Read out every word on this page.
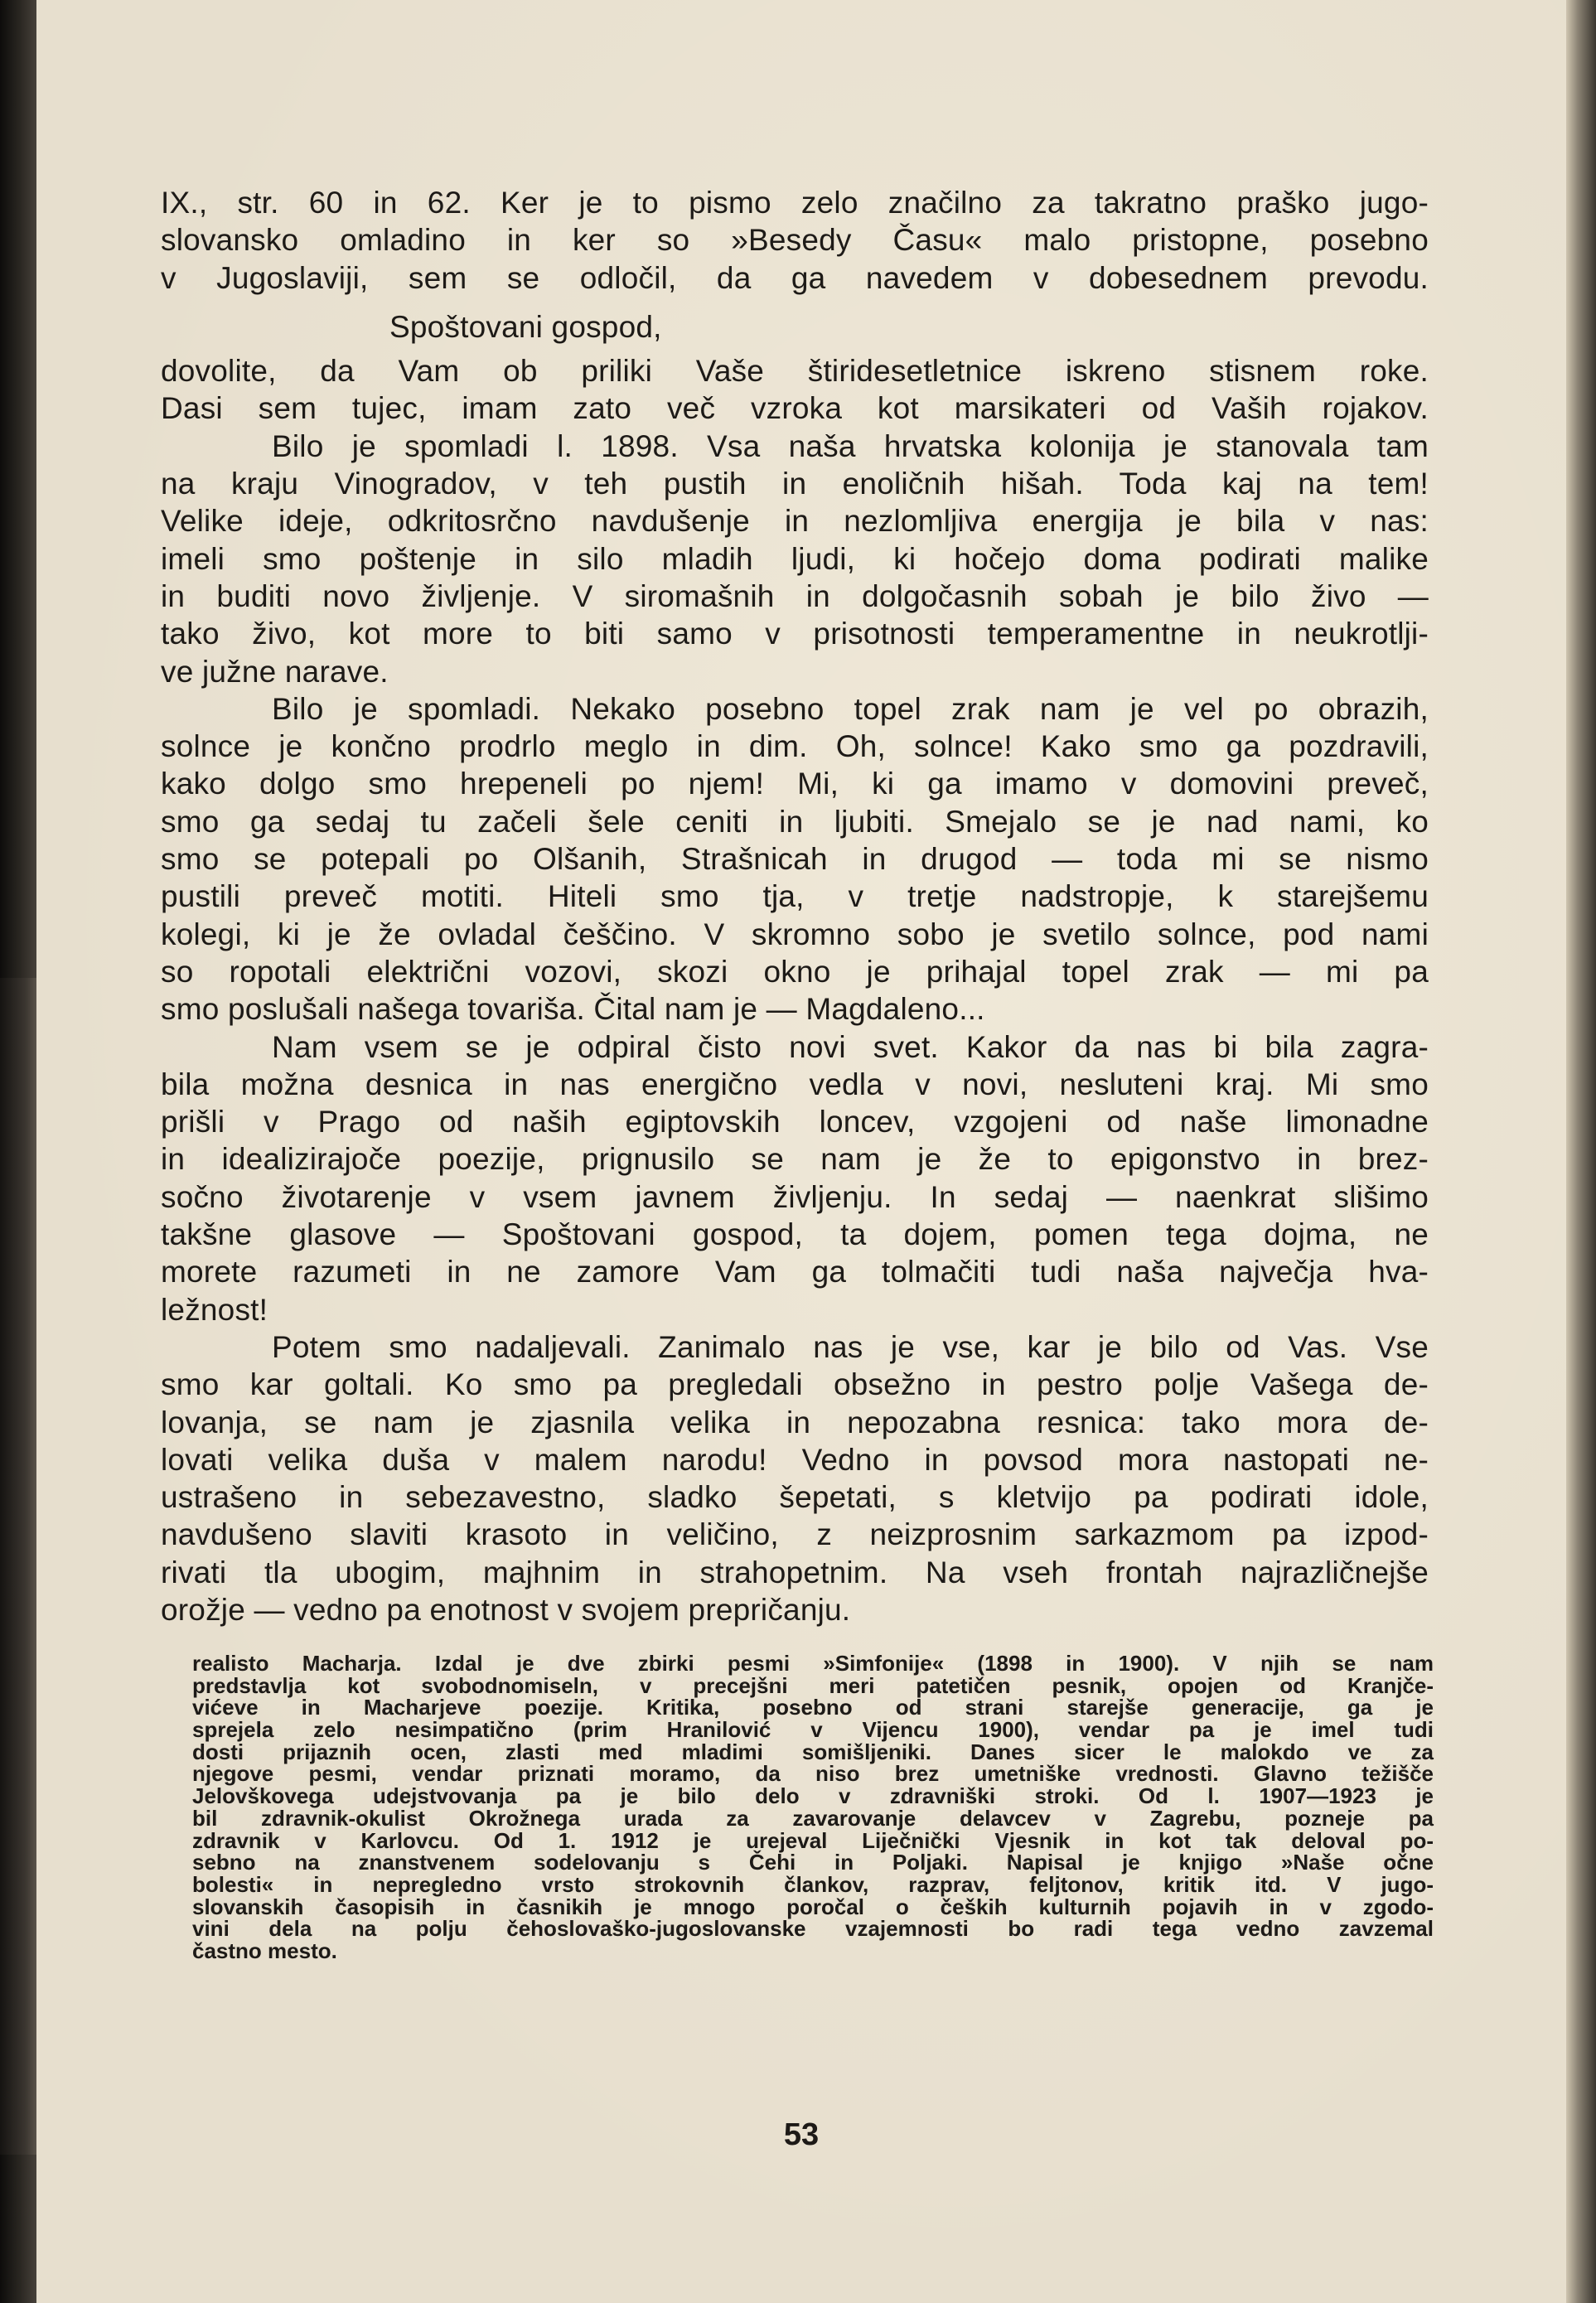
IX., str. 60 in 62. Ker je to pismo zelo značilno za takratno praško jugo-
slovansko omladino in ker so »Besedy Času« malo pristopne, posebno
v Jugoslaviji, sem se odločil, da ga navedem v dobesednem prevodu.
Spoštovani gospod,
dovolite, da Vam ob priliki Vaše štiridesetletnice iskreno stisnem roke.
Dasi sem tujec, imam zato več vzroka kot marsikateri od Vaših rojakov.
Bilo je spomladi l. 1898. Vsa naša hrvatska kolonija je stanovala tam
na kraju Vinogradov, v teh pustih in enoličnih hišah. Toda kaj na tem!
Velike ideje, odkritosrčno navdušenje in nezlomljiva energija je bila v nas:
imeli smo poštenje in silo mladih ljudi, ki hočejo doma podirati malike
in buditi novo življenje. V siromašnih in dolgočasnih sobah je bilo živo —
tako živo, kot more to biti samo v prisotnosti temperamentne in neukrotlji-
ve južne narave.
Bilo je spomladi. Nekako posebno topel zrak nam je vel po obrazih,
solnce je končno prodrlo meglo in dim. Oh, solnce! Kako smo ga pozdravili,
kako dolgo smo hrepeneli po njem! Mi, ki ga imamo v domovini preveč,
smo ga sedaj tu začeli šele ceniti in ljubiti. Smejalo se je nad nami, ko
smo se potepali po Olšanih, Strašnicah in drugod — toda mi se nismo
pustili preveč motiti. Hiteli smo tja, v tretje nadstropje, k starejšemu
kolegi, ki je že ovladal češčino. V skromno sobo je svetilo solnce, pod nami
so ropotali električni vozovi, skozi okno je prihajal topel zrak — mi pa
smo poslušali našega tovariša. Čital nam je — Magdaleno...
Nam vsem se je odpiral čisto novi svet. Kakor da nas bi bila zagra-
bila možna desnica in nas energično vedla v novi, nesluteni kraj. Mi smo
prišli v Prago od naših egiptovskih loncev, vzgojeni od naše limonadne
in idealizirajoče poezije, prignusilo se nam je že to epigonstvo in brez-
sočno životarenje v vsem javnem življenju. In sedaj — naenkrat slišimo
takšne glasove — Spoštovani gospod, ta dojem, pomen tega dojma, ne
morete razumeti in ne zamore Vam ga tolmačiti tudi naša največja hva-
ležnost!
Potem smo nadaljevali. Zanimalo nas je vse, kar je bilo od Vas. Vse
smo kar goltali. Ko smo pa pregledali obsežno in pestro polje Vašega de-
lovanja, se nam je zjasnila velika in nepozabna resnica: tako mora de-
lovati velika duša v malem narodu! Vedno in povsod mora nastopati ne-
ustrašeno in sebezavestno, sladko šepetati, s kletvijo pa podirati idole,
navdušeno slaviti krasoto in veličino, z neizprosnim sarkazmom pa izpod-
rivati tla ubogim, majhnim in strahopetnim. Na vseh frontah najrazličnejše
orožje — vedno pa enotnost v svojem prepričanju.
realisto Macharja. Izdal je dve zbirki pesmi »Simfonije« (1898 in 1900). V njih se nam
predstavlja kot svobodnomiseln, v precejšni meri patetičen pesnik, opojen od Kranjče-
vićeve in Macharjeve poezije. Kritika, posebno od strani starejše generacije, ga je
sprejela zelo nesimpatično (prim Hranilović v Vijencu 1900), vendar pa je imel tudi
dosti prijaznih ocen, zlasti med mladimi somišljeniki. Danes sicer le malokdo ve za
njegove pesmi, vendar priznati moramo, da niso brez umetniške vrednosti. Glavno težišče
Jelovškovega udejstvovanja pa je bilo delo v zdravniški stroki. Od l. 1907—1923 je
bil zdravnik-okulist Okrožnega urada za zavarovanje delavcev v Zagrebu, pozneje pa
zdravnik v Karlovcu. Od 1. 1912 je urejeval Liječnički Vjesnik in kot tak deloval po-
sebno na znanstvenem sodelovanju s Čehi in Poljaki. Napisal je knjigo »Naše očne
bolesti« in nepregledno vrsto strokovnih člankov, razprav, feljtonov, kritik itd. V jugo-
slovanskih časopisih in časnikih je mnogo poročal o čeških kulturnih pojavih in v zgodo-
vini dela na polju čehoslovaško-jugoslovanske vzajemnosti bo radi tega vedno zavzemal
častno mesto.
53
